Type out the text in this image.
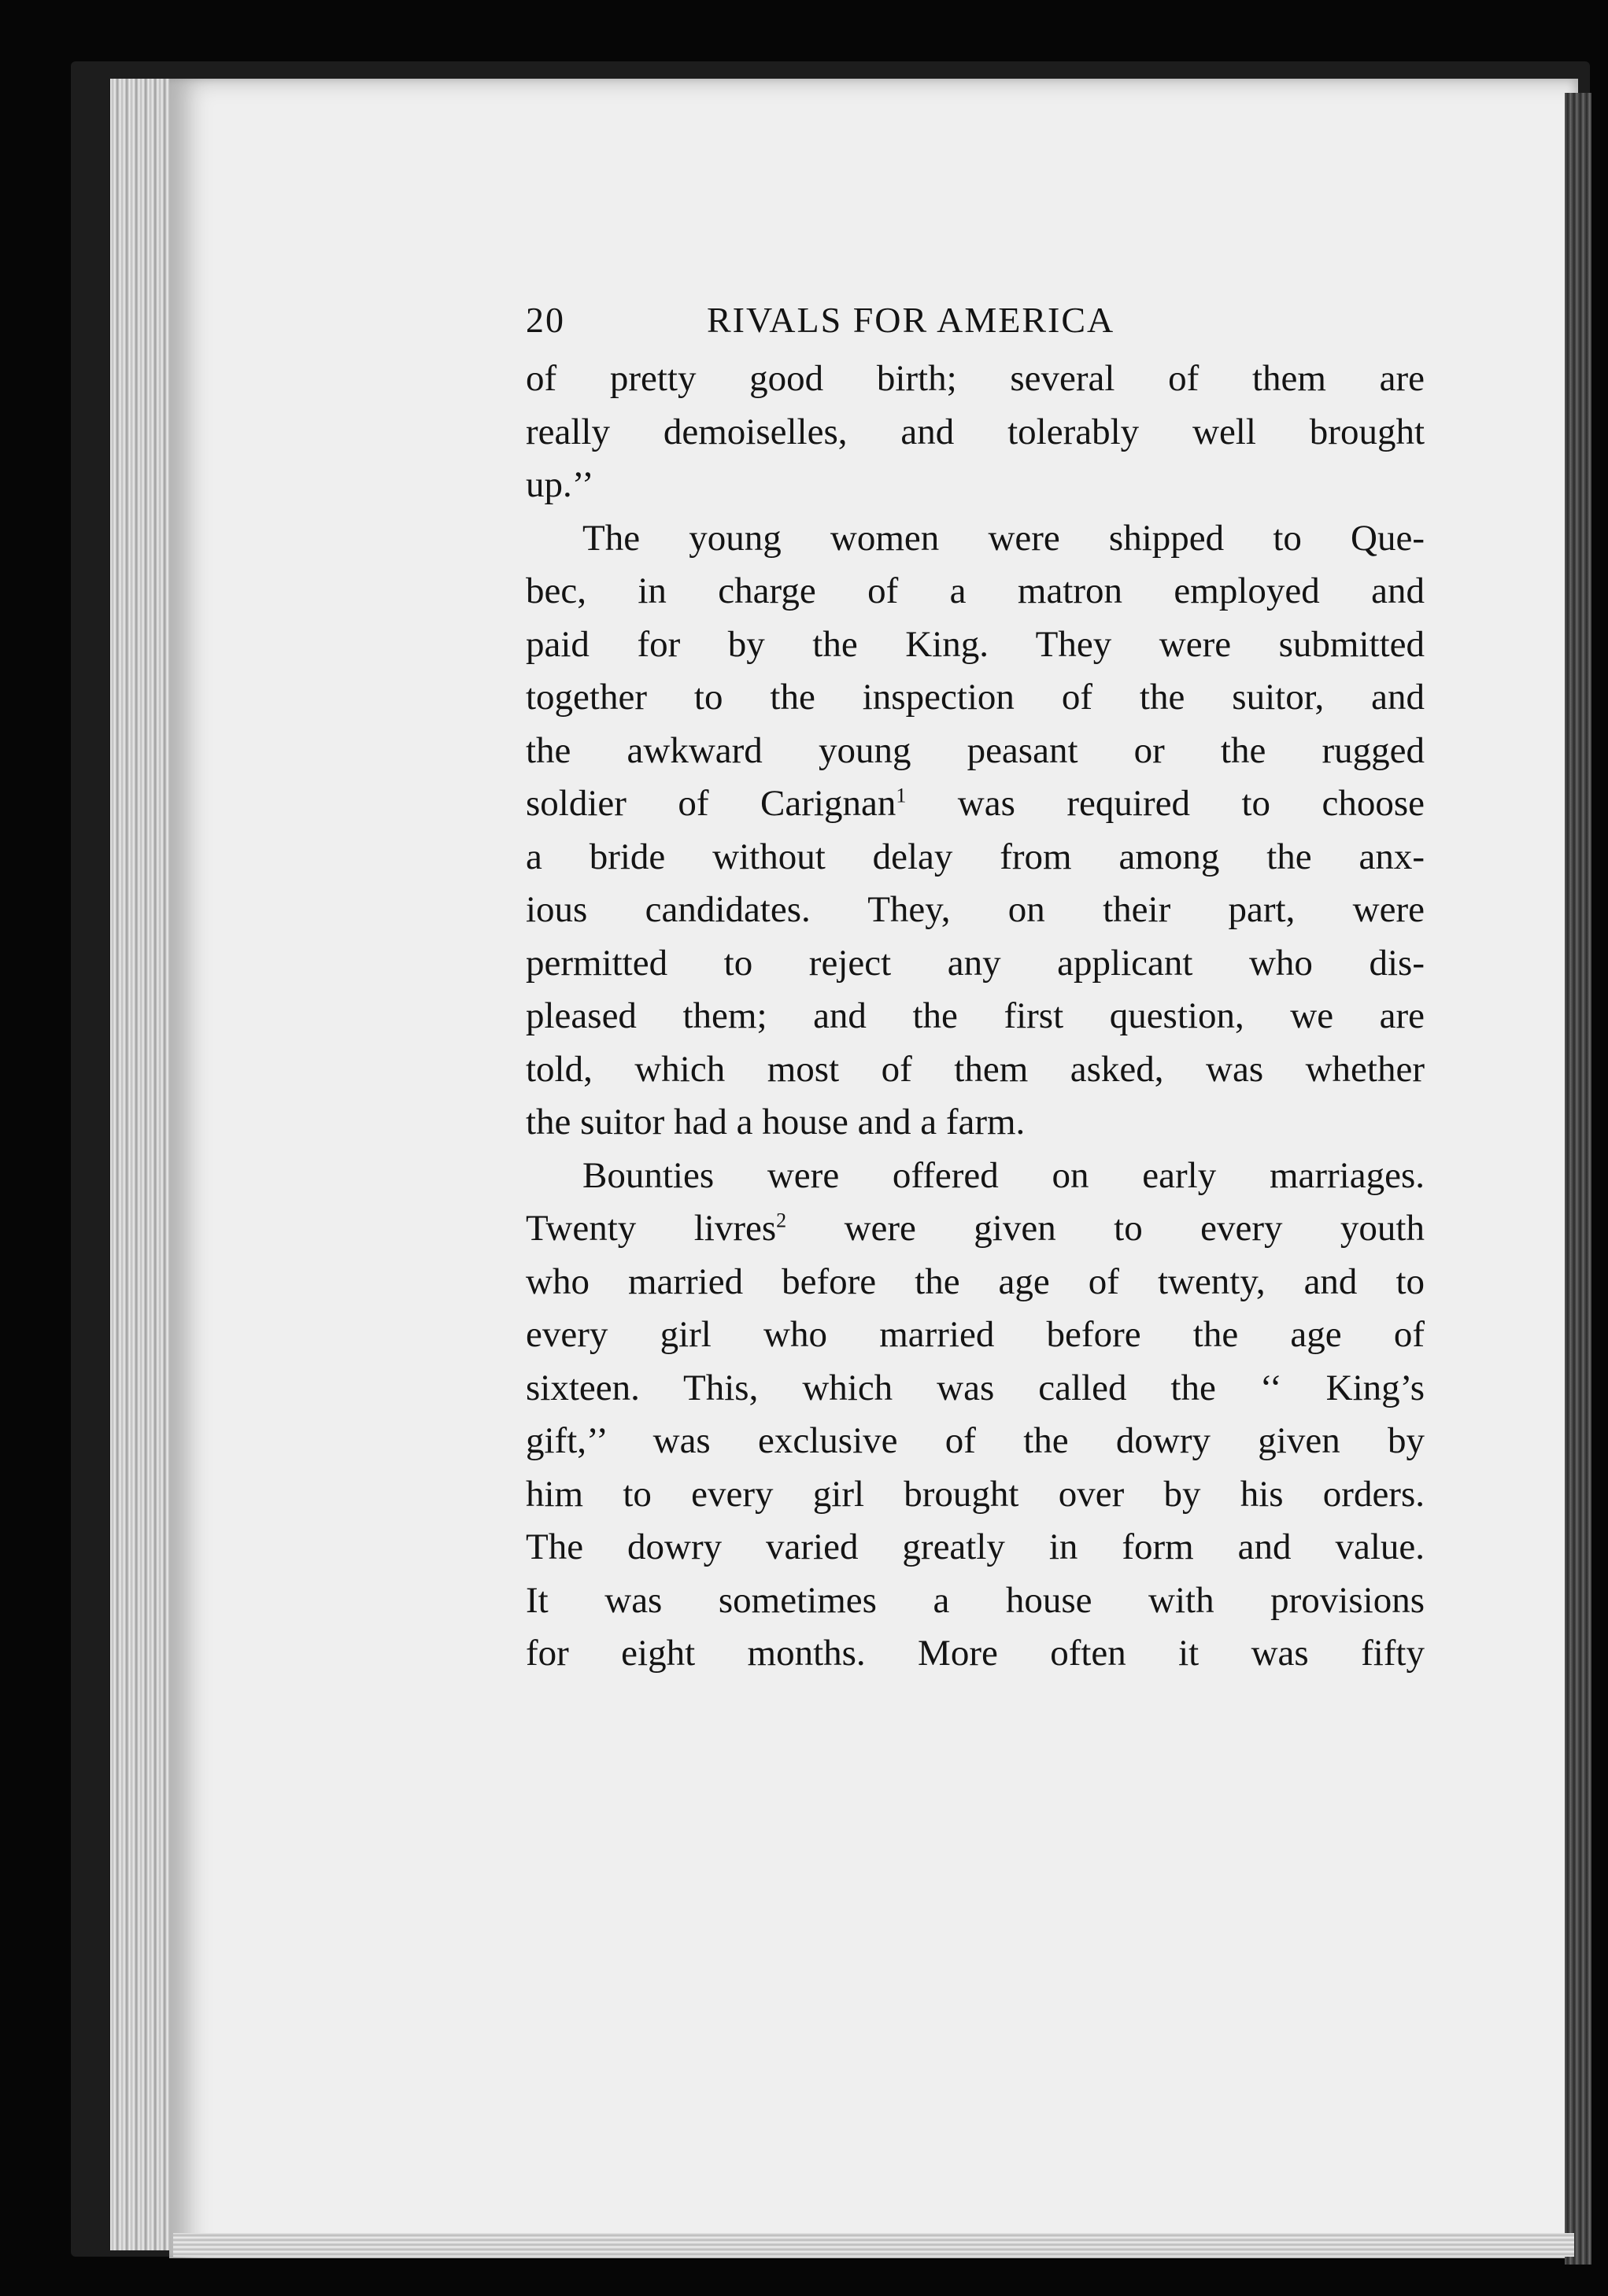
20	RIVALS FOR AMERICA
of pretty good birth; several of them are
really demoiselles, and tolerably well brought
up.’’
The young women were shipped to Que-
bec, in charge of a matron employed and
paid for by the King. They were submitted
together to the inspection of the suitor, and
the awkward young peasant or the rugged
soldier of Carignan$^1$ was required to choose
a bride without delay from among the anx-
ious candidates. They, on their part, were
permitted to reject any applicant who dis-
pleased them; and the first question, we are
told, which most of them asked, was whether
the suitor had a house and a farm.
Bounties were offered on early marriages.
Twenty livres$^2$ were given to every youth
who married before the age of twenty, and to
every girl who married before the age of
sixteen. This, which was called the ‘‘ King’s
gift,’’ was exclusive of the dowry given by
him to every girl brought over by his orders.
The dowry varied greatly in form and value.
It was sometimes a house with provisions
for eight months. More often it was fifty
